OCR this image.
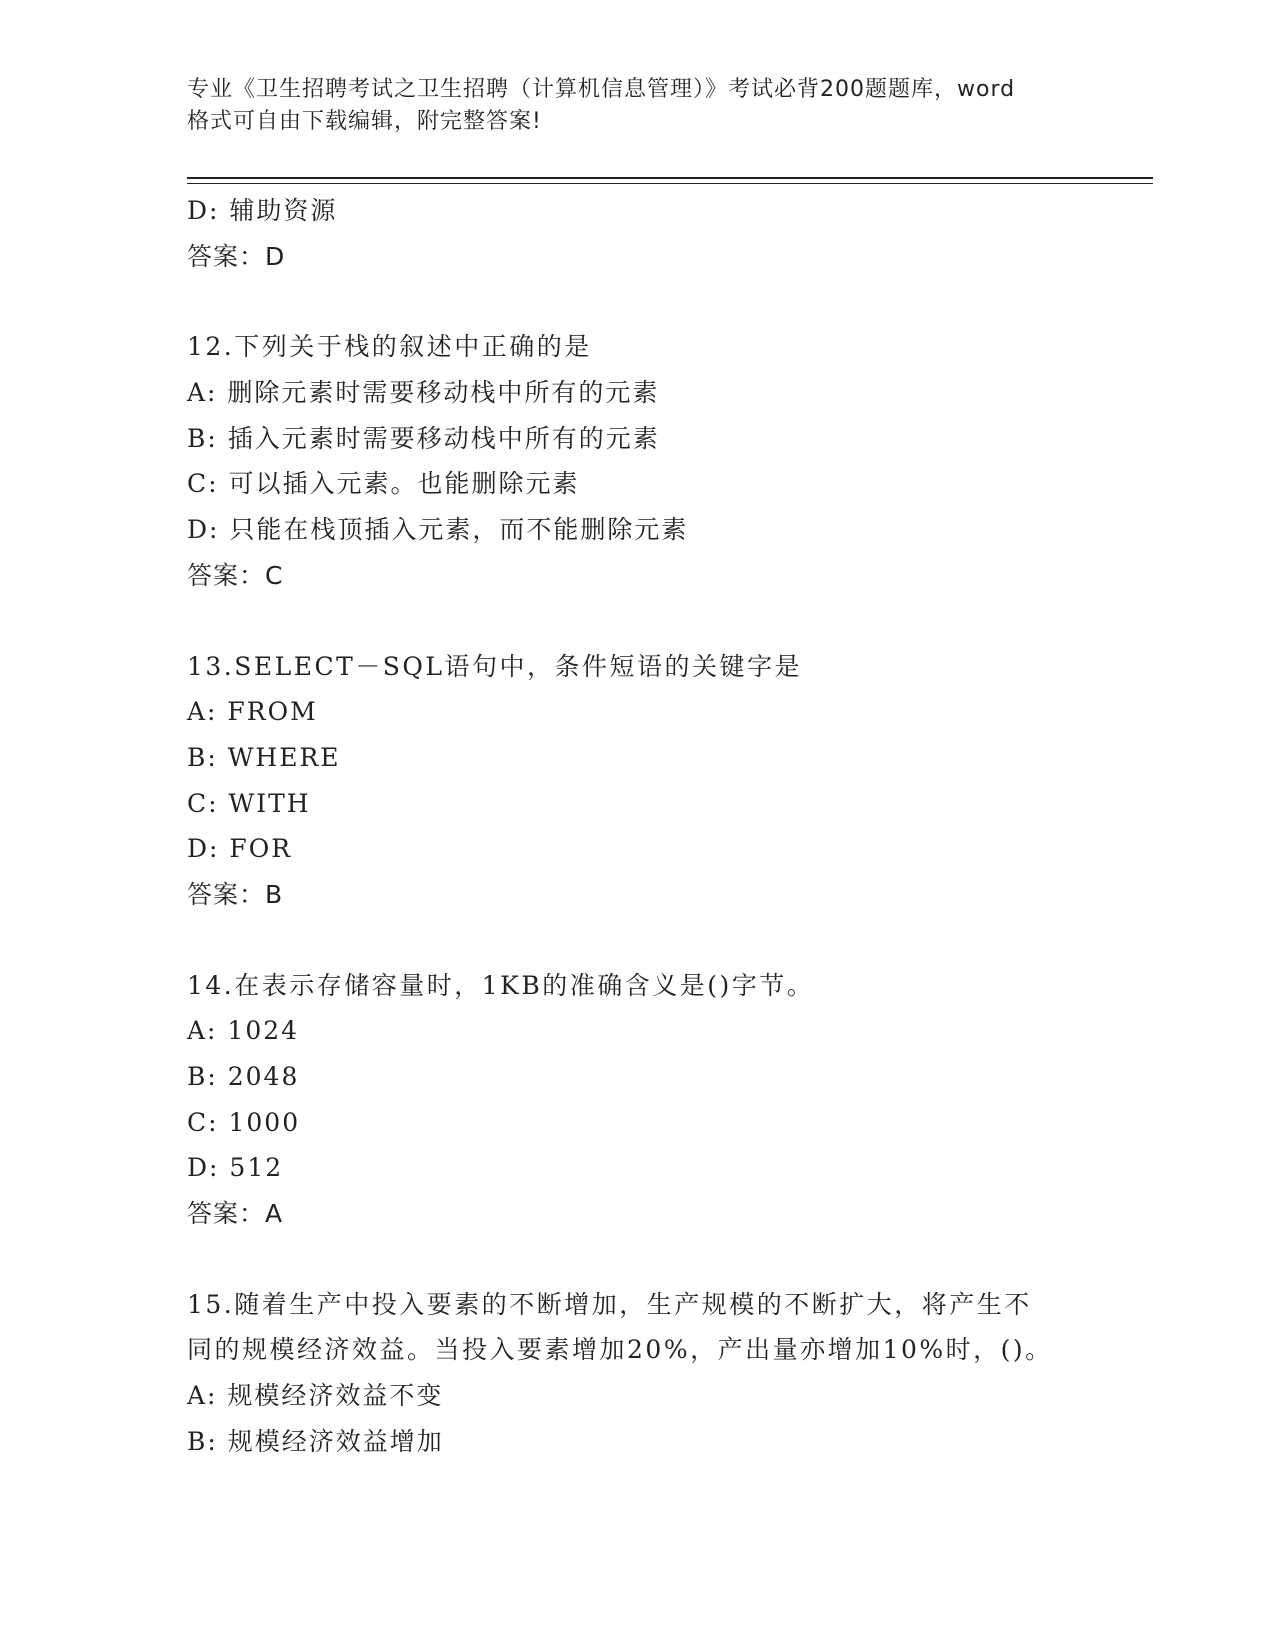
专业《卫生招聘考试之卫生招聘（计算机信息管理）》考试必背200题题库，word
格式可自由下载编辑，附完整答案!
D: 辅助资源
答案：D
12.下列关于栈的叙述中正确的是
A: 删除元素时需要移动栈中所有的元素
B: 插入元素时需要移动栈中所有的元素
C: 可以插入元素。也能删除元素
D: 只能在栈顶插入元素，而不能删除元素
答案：C
13.SELECT－SQL语句中，条件短语的关键字是
A: FROM
B: WHERE
C: WITH
D: FOR
答案：B
14.在表示存储容量时，1KB的准确含义是()字节。
A: 1024
B: 2048
C: 1000
D: 512
答案：A
15.随着生产中投入要素的不断增加，生产规模的不断扩大，将产生不
同的规模经济效益。当投入要素增加20%，产出量亦增加10%时，()。
A: 规模经济效益不变
B: 规模经济效益增加
